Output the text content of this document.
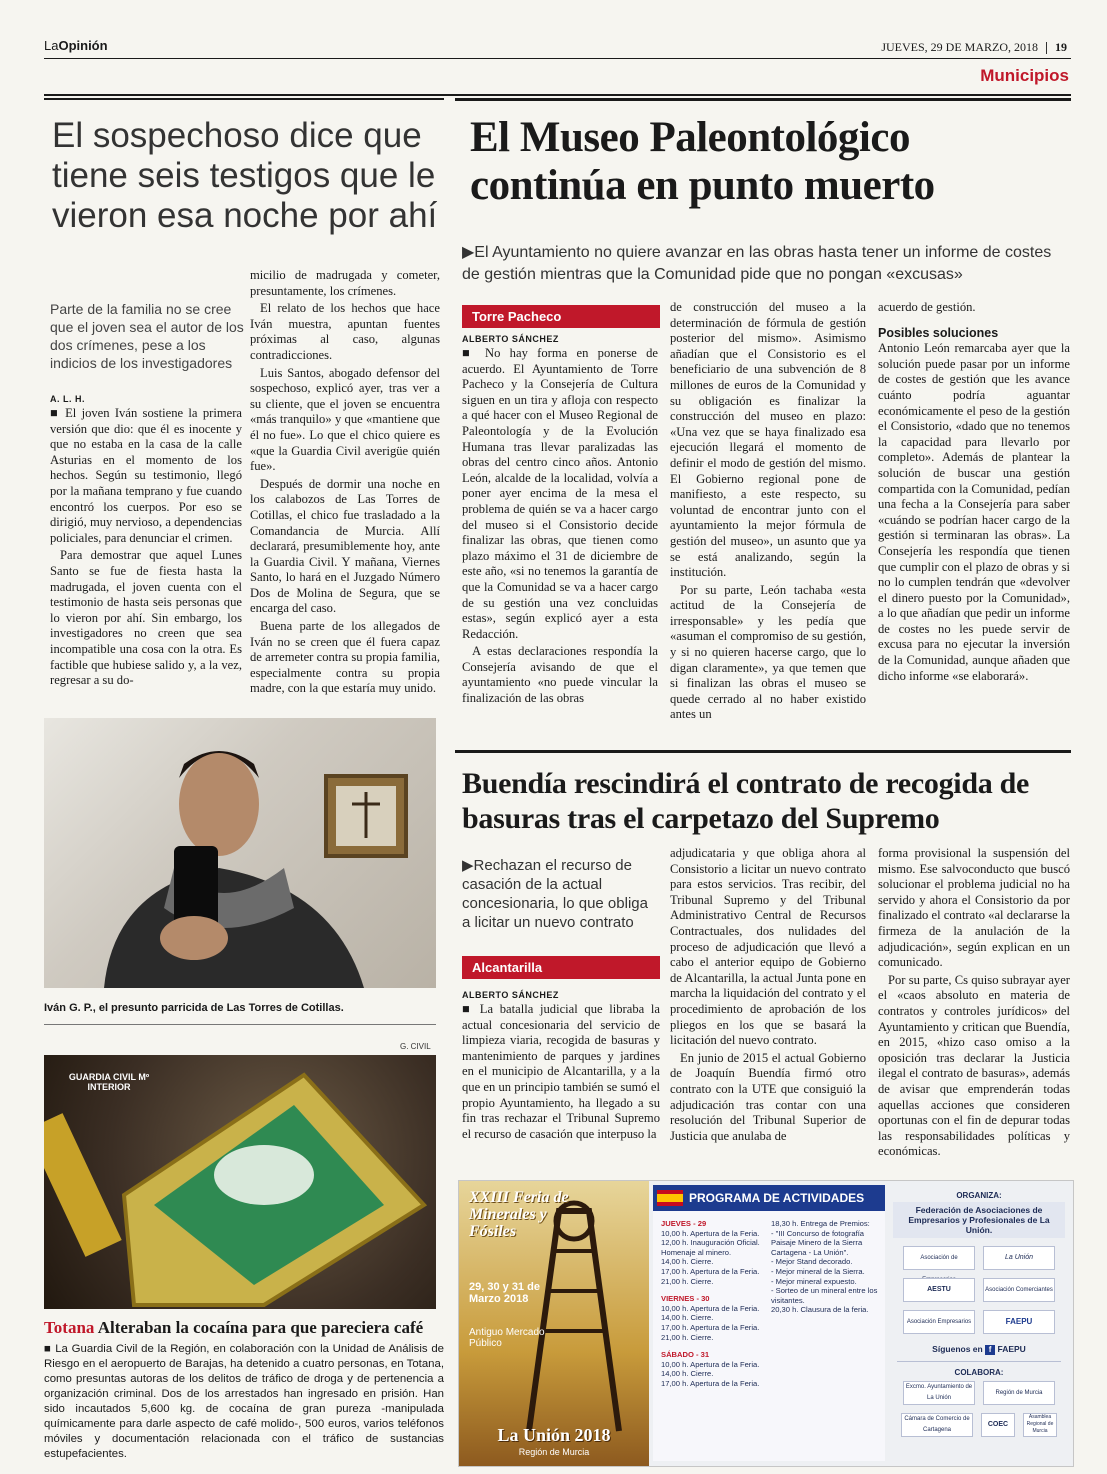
LaOpinión	JUEVES, 29 DE MARZO, 2018 19
Municipios
El sospechoso dice que tiene seis testigos que le vieron esa noche por ahí
Parte de la familia no se cree que el joven sea el autor de los dos crímenes, pese a los indicios de los investigadores
A. L. H.

■ El joven Iván sostiene la primera versión que dio: que él es inocente y que no estaba en la casa de la calle Asturias en el momento de los hechos. Según su testimonio, llegó por la mañana temprano y fue cuando encontró los cuerpos. Por eso se dirigió, muy nervioso, a dependencias policiales, para denunciar el crimen.

Para demostrar que aquel Lunes Santo se fue de fiesta hasta la madrugada, el joven cuenta con el testimonio de hasta seis personas que lo vieron por ahí. Sin embargo, los investigadores no creen que sea incompatible una cosa con la otra. Es factible que hubiese salido y, a la vez, regresar a su do-

micilio de madrugada y cometer, presuntamente, los crímenes.

El relato de los hechos que hace Iván muestra, apuntan fuentes próximas al caso, algunas contradicciones.

Luis Santos, abogado defensor del sospechoso, explicó ayer, tras ver a su cliente, que el joven se encuentra «más tranquilo» y que «mantiene que él no fue». Lo que el chico quiere es «que la Guardia Civil averigüe quién fue».

Después de dormir una noche en los calabozos de Las Torres de Cotillas, el chico fue trasladado a la Comandancia de Murcia. Allí declarará, presumiblemente hoy, ante la Guardia Civil. Y mañana, Viernes Santo, lo hará en el Juzgado Número Dos de Molina de Segura, que se encarga del caso.

Buena parte de los allegados de Iván no se creen que él fuera capaz de arremeter contra su propia familia, especialmente contra su propia madre, con la que estaría muy unido.

Iván G. P., el presunto parricida de Las Torres de Cotillas.
G. CIVIL
GUARDIA CIVIL Mº INTERIOR
Totana Alteraban la cocaína para que pareciera café
■ La Guardia Civil de la Región, en colaboración con la Unidad de Análisis de Riesgo en el aeropuerto de Barajas, ha detenido a cuatro personas, en Totana, como presuntas autoras de los delitos de tráfico de droga y de pertenencia a organización criminal. Dos de los arrestados han ingresado en prisión. Han sido incautados 5,600 kg. de cocaína de gran pureza -manipulada químicamente para darle aspecto de café molido-, 500 euros, varios teléfonos móviles y documentación relacionada con el tráfico de sustancias estupefacientes.
El Museo Paleontológico continúa en punto muerto
▶El Ayuntamiento no quiere avanzar en las obras hasta tener un informe de costes de gestión mientras que la Comunidad pide que no pongan «excusas»
Torre Pacheco
ALBERTO SÁNCHEZ

■ No hay forma en ponerse de acuerdo. El Ayuntamiento de Torre Pacheco y la Consejería de Cultura siguen en un tira y afloja con respecto a qué hacer con el Museo Regional de Paleontología y de la Evolución Humana tras llevar paralizadas las obras del centro cinco años. Antonio León, alcalde de la localidad, volvía a poner ayer encima de la mesa el problema de quién se va a hacer cargo del museo si el Consistorio decide finalizar las obras, que tienen como plazo máximo el 31 de diciembre de este año, «si no tenemos la garantía de que la Comunidad se va a hacer cargo de su gestión una vez concluidas estas», según explicó ayer a esta Redacción.

A estas declaraciones respondía la Consejería avisando de que el ayuntamiento «no puede vincular la finalización de las obras

de construcción del museo a la determinación de fórmula de gestión posterior del mismo». Asimismo añadían que el Consistorio es el beneficiario de una subvención de 8 millones de euros de la Comunidad y su obligación es finalizar la construcción del museo en plazo: «Una vez que se haya finalizado esa ejecución llegará el momento de definir el modo de gestión del mismo. El Gobierno regional pone de manifiesto, a este respecto, su voluntad de encontrar junto con el ayuntamiento la mejor fórmula de gestión del museo», un asunto que ya se está analizando, según la institución.

Por su parte, León tachaba «esta actitud de la Consejería de irresponsable» y les pedía que «asuman el compromiso de su gestión, y si no quieren hacerse cargo, que lo digan claramente», ya que temen que si finalizan las obras el museo se quede cerrado al no haber existido antes un

acuerdo de gestión.

Posibles soluciones

Antonio León remarcaba ayer que la solución puede pasar por un informe de costes de gestión que les avance cuánto podría aguantar económicamente el peso de la gestión el Consistorio, «dado que no tenemos la capacidad para llevarlo por completo». Además de plantear la solución de buscar una gestión compartida con la Comunidad, pedían una fecha a la Consejería para saber «cuándo se podrían hacer cargo de la gestión si terminaran las obras». La Consejería les respondía que tienen que cumplir con el plazo de obras y si no lo cumplen tendrán que «devolver el dinero puesto por la Comunidad», a lo que añadían que pedir un informe de costes no les puede servir de excusa para no ejecutar la inversión de la Comunidad, aunque añaden que dicho informe «se elaborará».

Buendía rescindirá el contrato de recogida de basuras tras el carpetazo del Supremo
▶Rechazan el recurso de casación de la actual concesionaria, lo que obliga a licitar un nuevo contrato
Alcantarilla
ALBERTO SÁNCHEZ

■ La batalla judicial que libraba la actual concesionaria del servicio de limpieza viaria, recogida de basuras y mantenimiento de parques y jardines en el municipio de Alcantarilla, y a la que en un principio también se sumó el propio Ayuntamiento, ha llegado a su fin tras rechazar el Tribunal Supremo el recurso de casación que interpuso la

adjudicataria y que obliga ahora al Consistorio a licitar un nuevo contrato para estos servicios. Tras recibir, del Tribunal Supremo y del Tribunal Administrativo Central de Recursos Contractuales, dos nulidades del proceso de adjudicación que llevó a cabo el anterior equipo de Gobierno de Alcantarilla, la actual Junta pone en marcha la liquidación del contrato y el procedimiento de aprobación de los pliegos en los que se basará la licitación del nuevo contrato.

En junio de 2015 el actual Gobierno de Joaquín Buendía firmó otro contrato con la UTE que consiguió la adjudicación tras contar con una resolución del Tribunal Superior de Justicia que anulaba de

forma provisional la suspensión del mismo. Ese salvoconducto que buscó solucionar el problema judicial no ha servido y ahora el Consistorio da por finalizado el contrato «al declararse la firmeza de la anulación de la adjudicación», según explican en un comunicado.

Por su parte, Cs quiso subrayar ayer el «caos absoluto en materia de contratos y controles jurídicos» del Ayuntamiento y critican que Buendía, en 2015, «hizo caso omiso a la oposición tras declarar la Justicia ilegal el contrato de basuras», además de avisar que emprenderán todas aquellas acciones que consideren oportunas con el fin de depurar todas las responsabilidades políticas y económicas.

XXIII Feria de Minerales y Fósiles
29, 30 y 31 de Marzo 2018
Antiguo Mercado Público
La Unión 2018
Región de Murcia
PROGRAMA DE ACTIVIDADES
JUEVES - 29
10,00 h. Apertura de la Feria.
12,00 h. Inauguración Oficial. Homenaje al minero.
14,00 h. Cierre.
17,00 h. Apertura de la Feria.
21,00 h. Cierre.
VIERNES - 30
10,00 h. Apertura de la Feria.
14,00 h. Cierre.
17,00 h. Apertura de la Feria.
21,00 h. Cierre.
SÁBADO - 31
10,00 h. Apertura de la Feria.
14,00 h. Cierre.
17,00 h. Apertura de la Feria.
18,30 h. Entrega de Premios:
- "III Concurso de fotografía Paisaje Minero de la Sierra Cartagena - La Unión".
- Mejor Stand decorado.
- Mejor mineral de la Sierra.
- Mejor mineral expuesto.
- Sorteo de un mineral entre los visitantes.
20,30 h. Clausura de la feria.
ORGANIZA:
Federación de Asociaciones de Empresarios y Profesionales de La Unión.
Asociación de	La Unión AESTU	Asociación Comerciantes Asociación Empresarios	FAEPU
Síguenos en f FAEPU
COLABORA:
Excmo. Ayuntamiento de La UniónRegión de Murcia Cámara de Comercio de CartagenaCOECAsamblea Regional de Murcia
